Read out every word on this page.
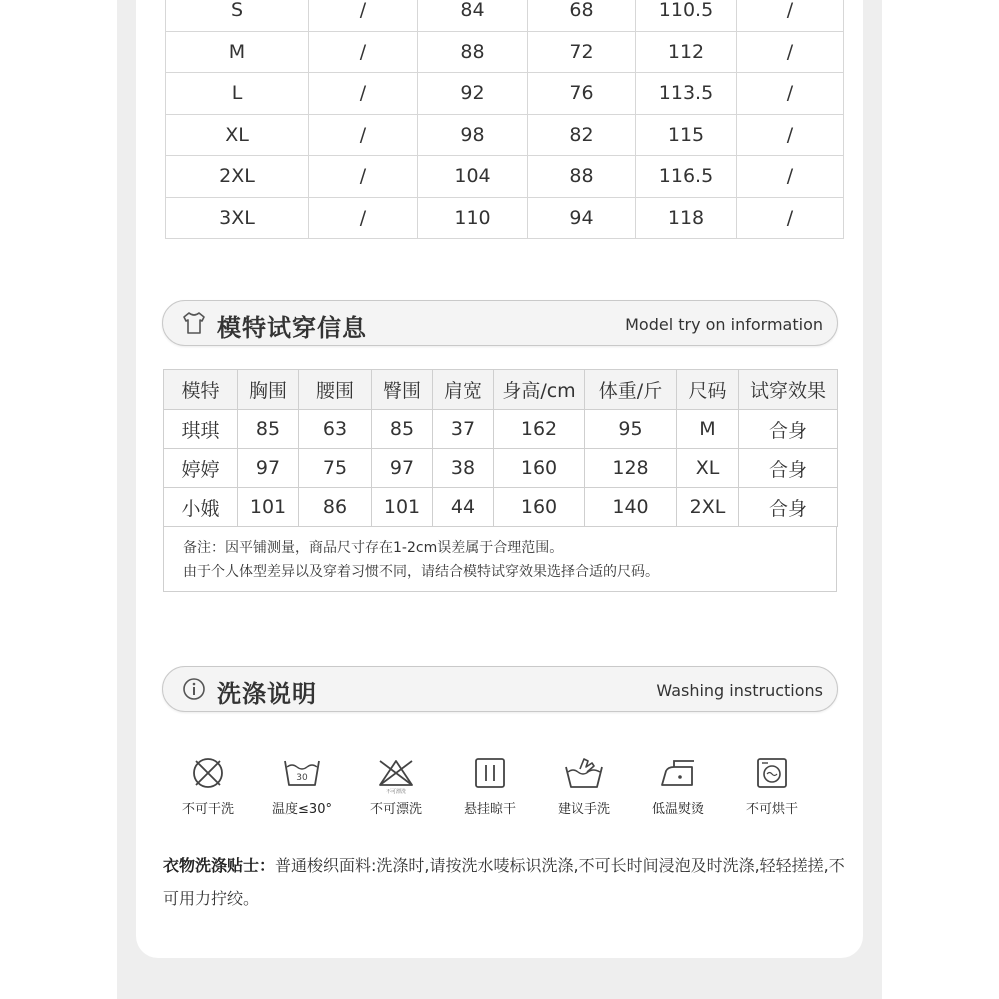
S	/	84	68	110.5	/
M	/	88	72	112	/
L	/	92	76	113.5	/
XL	/	98	82	115	/
2XL	/	104	88	116.5	/
3XL	/	110	94	118	/
模特试穿信息	Model try on information
模特	胸围	腰围	臀围	肩宽	身高/cm	体重/斤	尺码	试穿效果
琪琪	85	63	85	37	162	95	M	合身
婷婷	97	75	97	38	160	128	XL	合身
小娥	101	86	101	44	160	140	2XL	合身
备注：因平铺测量，商品尺寸存在1-2cm误差属于合理范围。
由于个人体型差异以及穿着习惯不同，请结合模特试穿效果选择合适的尺码。
洗涤说明	Washing instructions
不可干洗
30
温度≤30°
不可漂洗
不可漂洗	悬挂晾干	建议手洗	低温熨烫	不可烘干
衣物洗涤贴士：普通梭织面料:洗涤时,请按洗水唛标识洗涤,不可长时间浸泡及时洗涤,轻轻搓搓,不可用力拧绞。
